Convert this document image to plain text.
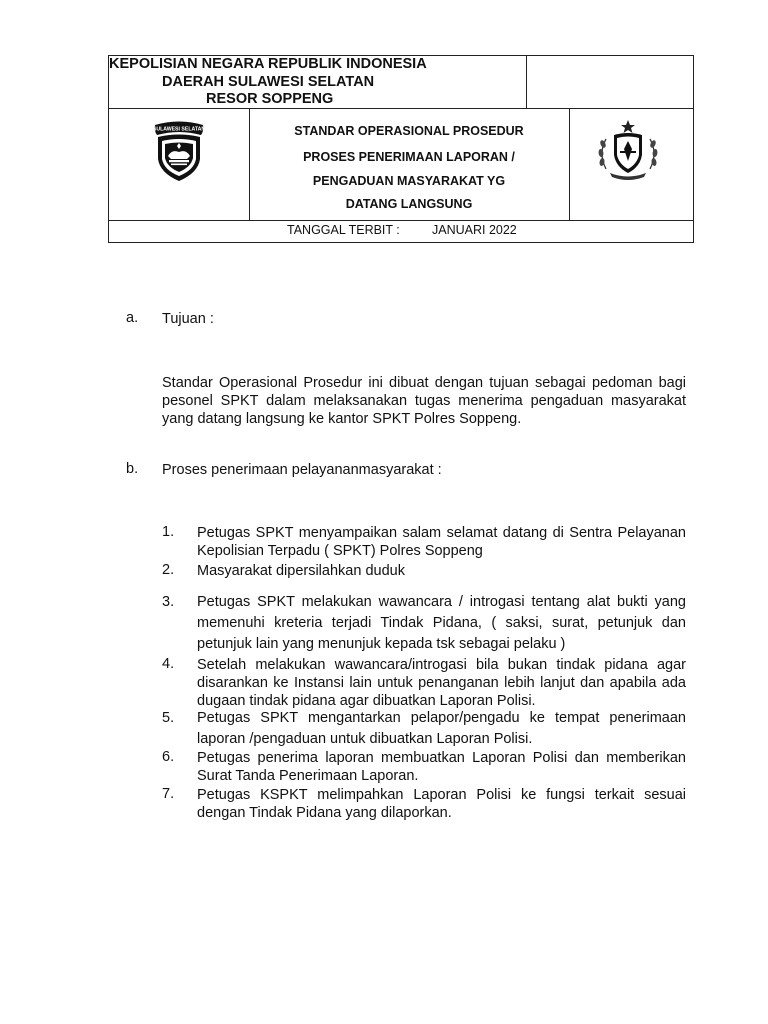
KEPOLISIAN NEGARA REPUBLIK INDONESIA
DAERAH SULAWESI SELATAN
RESOR SOPPENG
SULAWESI SELATAN	STANDAR OPERASIONAL PROSEDUR
PROSES PENERIMAAN LAPORAN /
PENGADUAN MASYARAKAT YG
DATANG LANGSUNG
TANGGAL TERBIT :	JANUARI 2022
a. Tujuan :
Standar Operasional Prosedur ini dibuat dengan tujuan sebagai pedoman bagi pesonel SPKT dalam melaksanakan tugas menerima pengaduan masyarakat yang datang langsung ke kantor SPKT Polres Soppeng.
b. Proses penerimaan pelayananmasyarakat :
1. Petugas SPKT menyampaikan salam selamat datang di Sentra Pelayanan Kepolisian Terpadu ( SPKT) Polres Soppeng
2. Masyarakat dipersilahkan duduk
3. Petugas SPKT melakukan wawancara / introgasi tentang alat bukti yang memenuhi kreteria terjadi Tindak Pidana, ( saksi, surat, petunjuk dan petunjuk lain yang menunjuk kepada tsk sebagai pelaku )
4. Setelah melakukan wawancara/introgasi bila bukan tindak pidana agar disarankan ke Instansi lain untuk penanganan lebih lanjut dan apabila ada dugaan tindak pidana agar dibuatkan Laporan Polisi.
5. Petugas SPKT mengantarkan pelapor/pengadu ke tempat penerimaan laporan /pengaduan untuk dibuatkan Laporan Polisi.
6. Petugas penerima laporan membuatkan Laporan Polisi dan memberikan Surat Tanda Penerimaan Laporan.
7. Petugas KSPKT melimpahkan Laporan Polisi ke fungsi terkait sesuai dengan Tindak Pidana yang dilaporkan.
